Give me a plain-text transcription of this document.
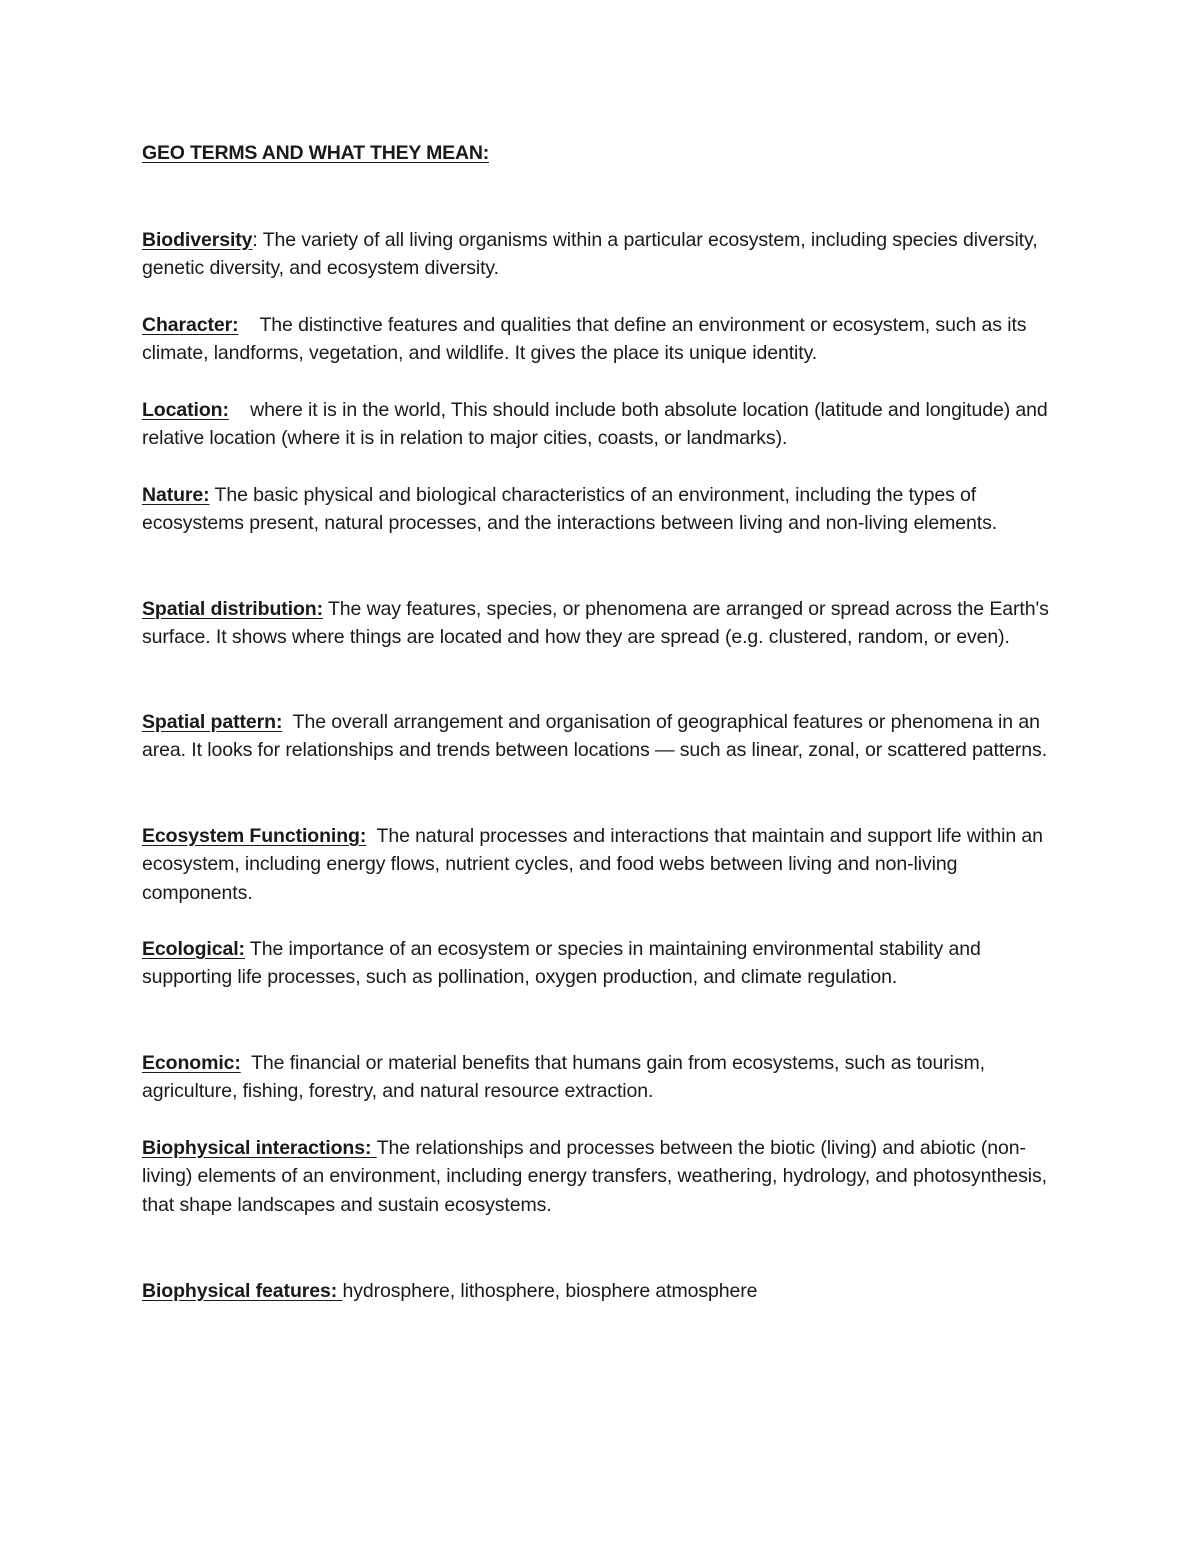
GEO TERMS AND WHAT THEY MEAN:

Biodiversity: The variety of all living organisms within a particular ecosystem, including species diversity, genetic diversity, and ecosystem diversity.

Character: The distinctive features and qualities that define an environment or ecosystem, such as its climate, landforms, vegetation, and wildlife. It gives the place its unique identity.

Location: where it is in the world, This should include both absolute location (latitude and longitude) and relative location (where it is in relation to major cities, coasts, or landmarks).

Nature: The basic physical and biological characteristics of an environment, including the types of ecosystems present, natural processes, and the interactions between living and non-living elements.

Spatial distribution: The way features, species, or phenomena are arranged or spread across the Earth's surface. It shows where things are located and how they are spread (e.g. clustered, random, or even).

Spatial pattern: The overall arrangement and organisation of geographical features or phenomena in an area. It looks for relationships and trends between locations — such as linear, zonal, or scattered patterns.

Ecosystem Functioning: The natural processes and interactions that maintain and support life within an ecosystem, including energy flows, nutrient cycles, and food webs between living and non-living components.

Ecological: The importance of an ecosystem or species in maintaining environmental stability and supporting life processes, such as pollination, oxygen production, and climate regulation.

Economic: The financial or material benefits that humans gain from ecosystems, such as tourism, agriculture, fishing, forestry, and natural resource extraction.

Biophysical interactions: The relationships and processes between the biotic (living) and abiotic (non-living) elements of an environment, including energy transfers, weathering, hydrology, and photosynthesis, that shape landscapes and sustain ecosystems.

Biophysical features: hydrosphere, lithosphere, biosphere atmosphere
